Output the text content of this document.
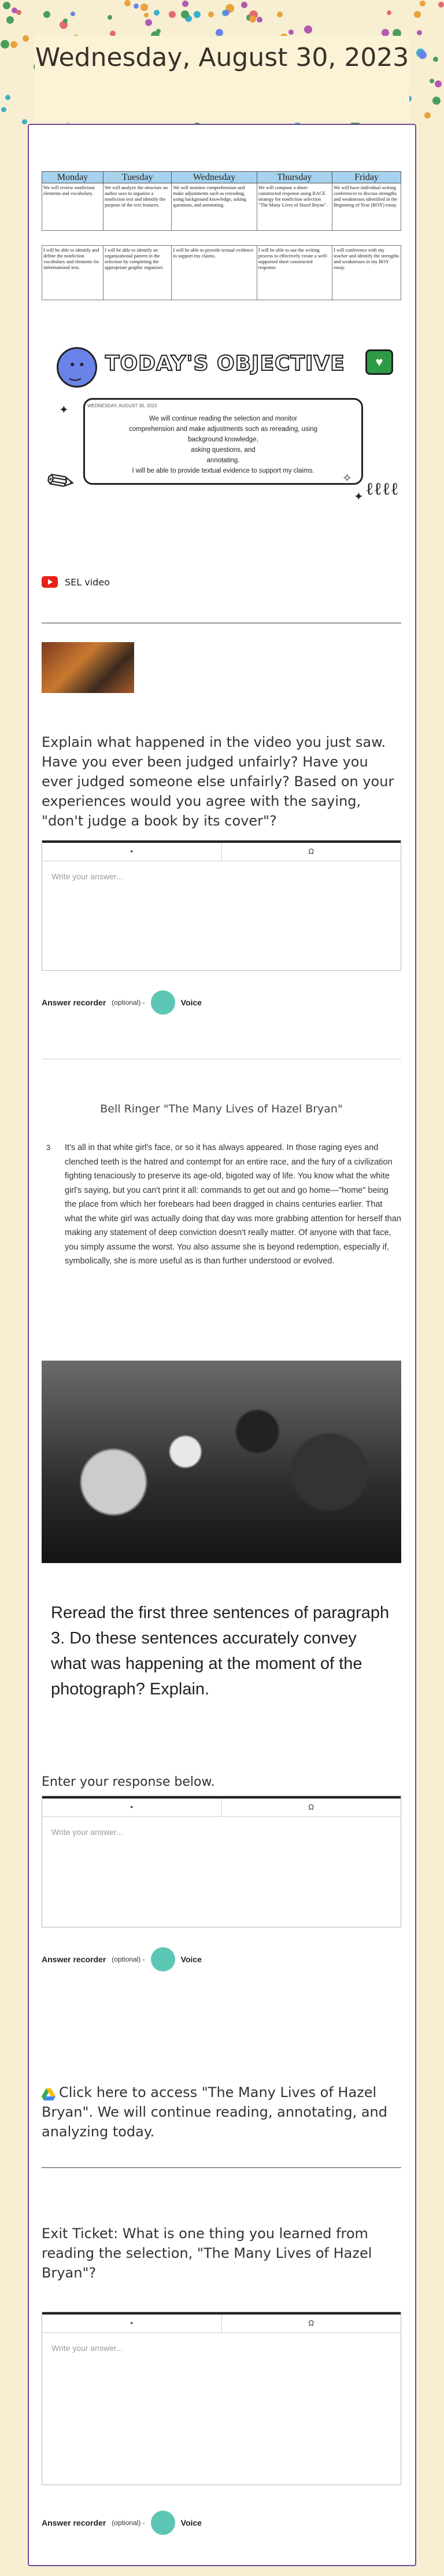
Wednesday, August 30, 2023
Monday	Tuesday	Wednesday	Thursday	Friday
We will review nonfiction elements and vocabulary.	We will analyze the structure an author uses to organize a nonfiction text and identify the purpose of the text features.	We will monitor comprehension and make adjustments such as rereading, using background knowledge, asking questions, and annotating.	We will compose a short-constructed response using RACE strategy for nonfiction selection "The Many Lives of Hazel Bryan".	We will have individual writing conferences to discuss strengths and weaknesses identified in the Beginning of Year (BOY) essay.

I will be able to identify and define the nonfiction vocabulary and elements for informational text.	I will be able to identify an organizational pattern in the selection by completing the appropriate graphic organizer.	I will be able to provide textual evidence to support my claims.	I will be able to use the writing process to effectively create a well-supported short constructed response.	I will conference with my teacher and identify the strengths and weaknesses in my BOY essay.
●  ●
‿ TODAY'S OBJECTIVE	♥
WEDNESDAY, AUGUST 30, 2023
We will continue reading the selection and monitor
comprehension and make adjustments such as rereading, using
background knowledge,
asking questions, and
annotating.
I will be able to provide textual evidence to support my claims.
✎
✦
✧
✦ ℓℓℓℓ
SEL video
Explain what happened in the video you just saw. Have you ever been judged unfairly? Have you ever judged someone else unfairly? Based on your experiences would you agree with the saying, "don't judge a book by its cover"?
•	Ω
Write your answer...
Answer recorder (optional) -	Voice
Bell Ringer "The Many Lives of Hazel Bryan"
3 It's all in that white girl's face, or so it has always appeared. In those raging eyes and clenched teeth is the hatred and contempt for an entire race, and the fury of a civilization fighting tenaciously to preserve its age-old, bigoted way of life. You know what the white girl's saying, but you can't print it all: commands to get out and go home—"home" being the place from which her forebears had been dragged in chains centuries earlier. That what the white girl was actually doing that day was more grabbing attention for herself than making any statement of deep conviction doesn't really matter. Of anyone with that face, you simply assume the worst. You also assume she is beyond redemption, especially if, symbolically, she is more useful as is than further understood or evolved.
Reread the first three sentences of paragraph 3. Do these sentences accurately convey what was happening at the moment of the photograph? Explain.
Enter your response below.
•	Ω
Write your answer...
Answer recorder (optional) -	Voice
Click here to access "The Many Lives of Hazel Bryan". We will continue reading, annotating, and analyzing today.
Exit Ticket: What is one thing you learned from reading the selection, "The Many Lives of Hazel Bryan"?
•	Ω
Write your answer...
Answer recorder (optional) -	Voice
